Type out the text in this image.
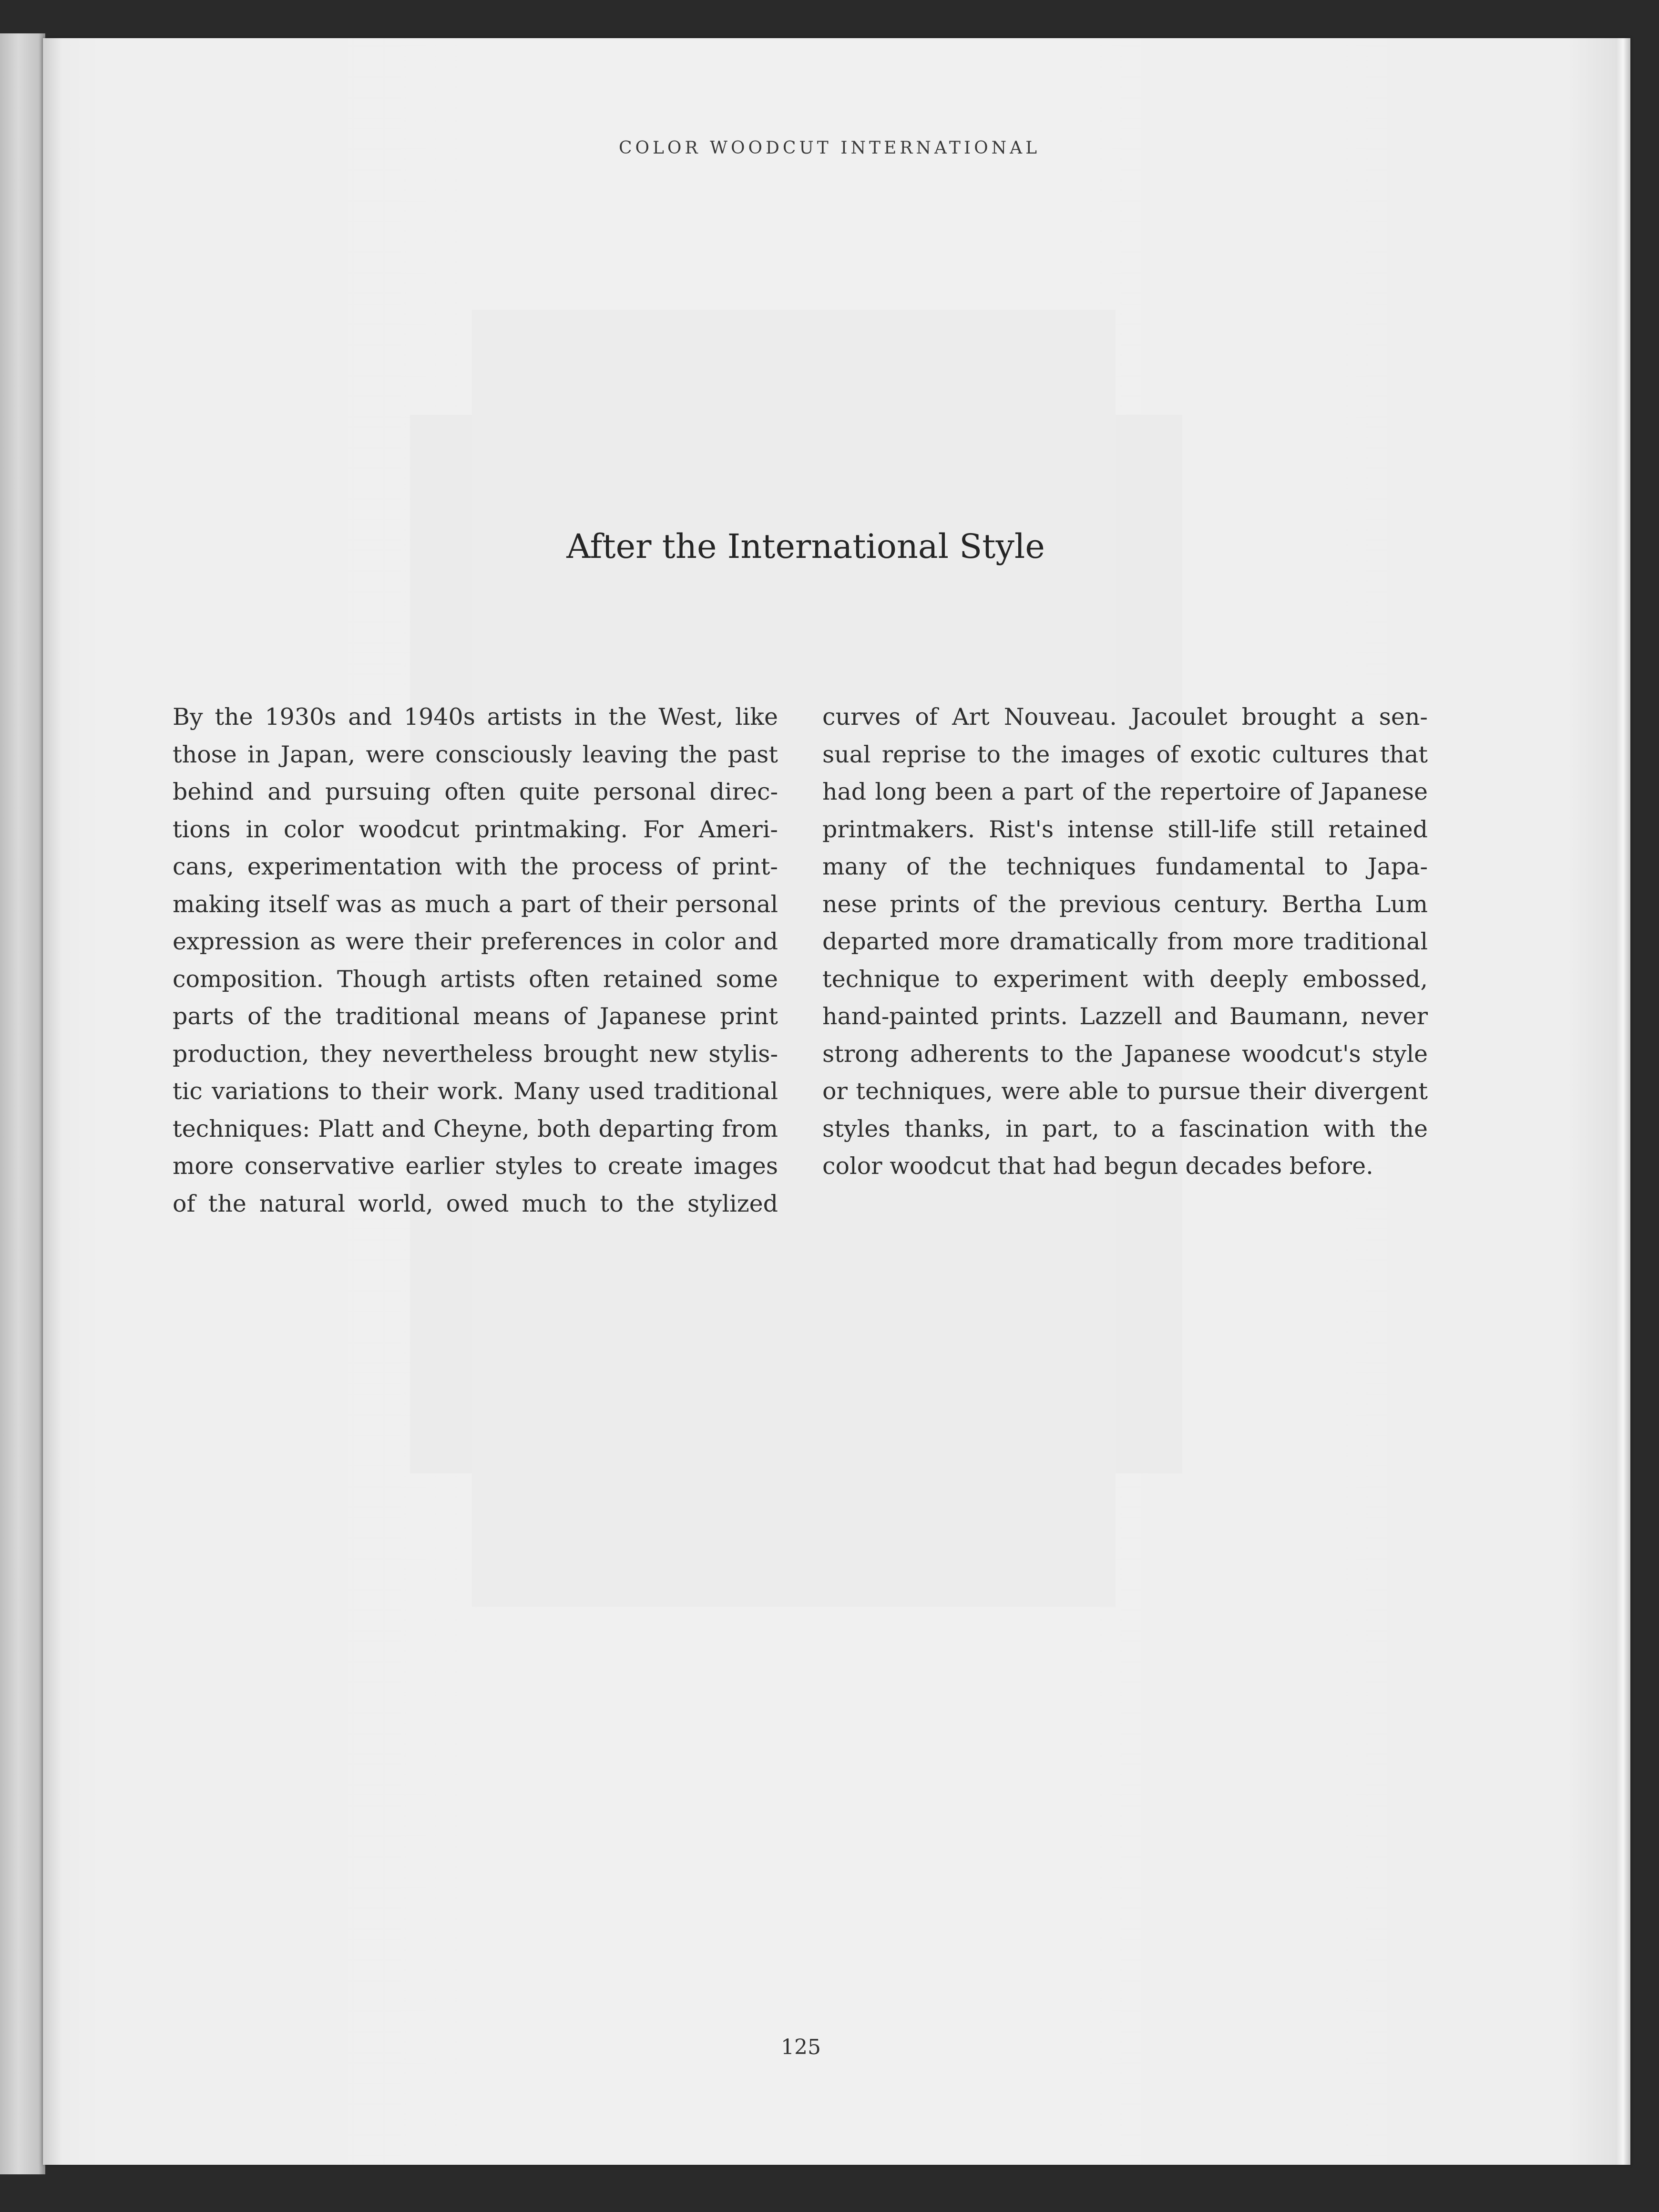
COLOR WOODCUT INTERNATIONAL
After the International Style
By the 1930s and 1940s artists in the West, like
those in Japan, were consciously leaving the past
behind and pursuing often quite personal direc-
tions in color woodcut printmaking. For Ameri-
cans, experimentation with the process of print-
making itself was as much a part of their personal
expression as were their preferences in color and
composition. Though artists often retained some
parts of the traditional means of Japanese print
production, they nevertheless brought new stylis-
tic variations to their work. Many used traditional
techniques: Platt and Cheyne, both departing from
more conservative earlier styles to create images
of the natural world, owed much to the stylized
curves of Art Nouveau. Jacoulet brought a sen-
sual reprise to the images of exotic cultures that
had long been a part of the repertoire of Japanese
printmakers. Rist's intense still-life still retained
many of the techniques fundamental to Japa-
nese prints of the previous century. Bertha Lum
departed more dramatically from more traditional
technique to experiment with deeply embossed,
hand-painted prints. Lazzell and Baumann, never
strong adherents to the Japanese woodcut's style
or techniques, were able to pursue their divergent
styles thanks, in part, to a fascination with the
color woodcut that had begun decades before.
125
